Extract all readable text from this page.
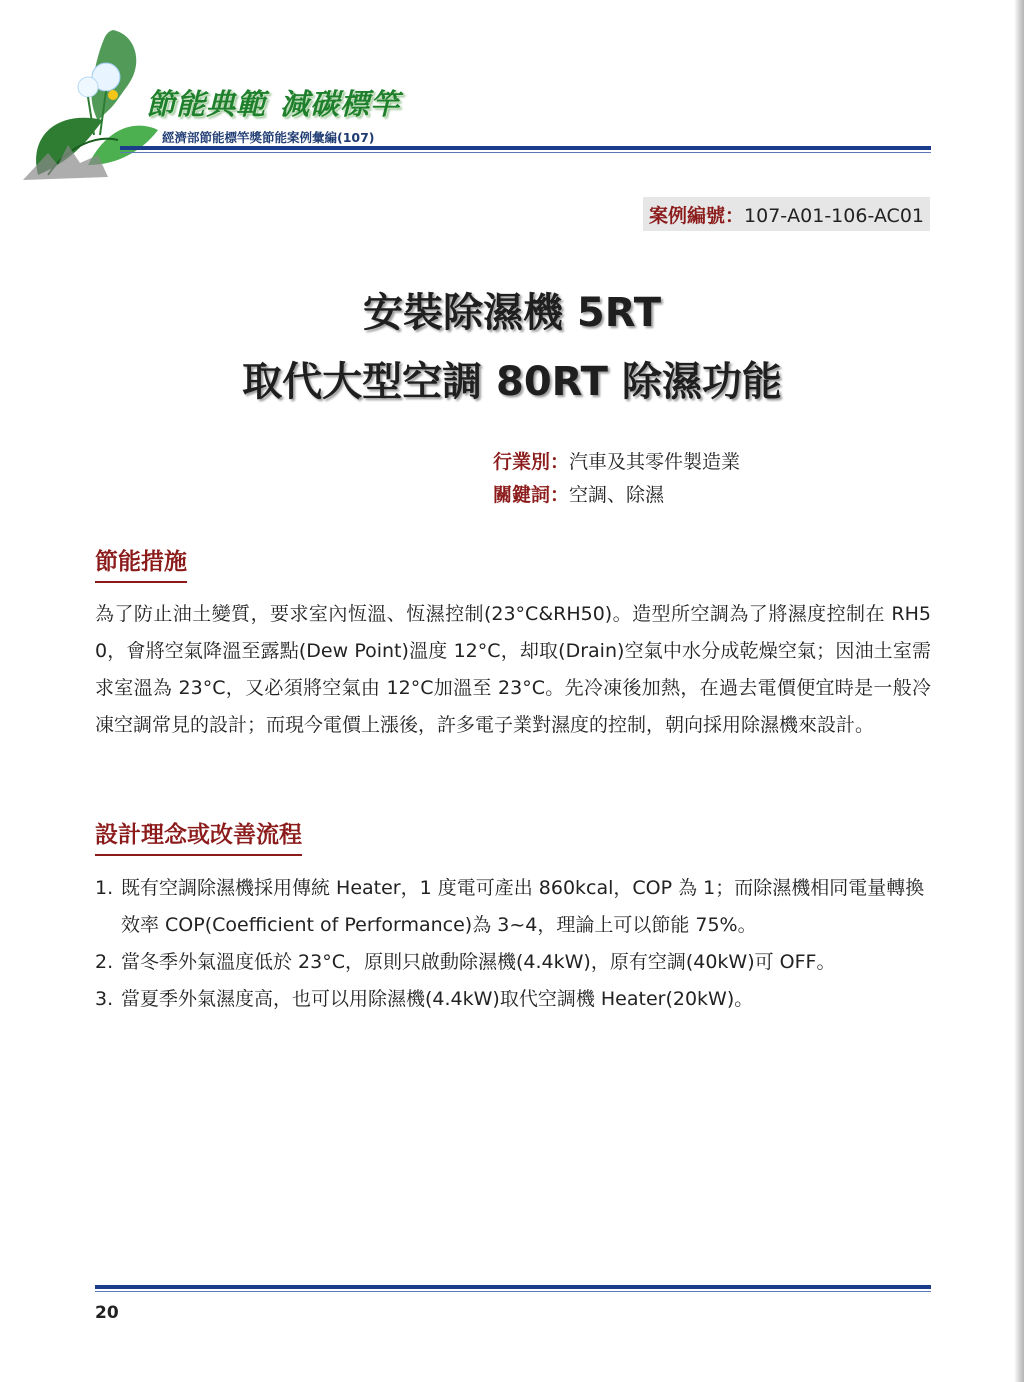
節能典範 減碳標竿
經濟部節能標竿獎節能案例彙編(107)
案例編號：107-A01-106-AC01
安裝除濕機 5RT
取代大型空調 80RT 除濕功能
行業別：汽車及其零件製造業
關鍵詞：空調、除濕
節能措施
為了防止油土變質，要求室內恆溫、恆濕控制(23°C&RH50)。造型所空調為了將濕度控制在 RH50，會將空氣降溫至露點(Dew Point)溫度 12°C，却取(Drain)空氣中水分成乾燥空氣；因油土室需求室溫為 23°C，又必須將空氣由 12°C加溫至 23°C。先冷凍後加熱，在過去電價便宜時是一般冷凍空調常見的設計；而現今電價上漲後，許多電子業對濕度的控制，朝向採用除濕機來設計。
設計理念或改善流程
1. 既有空調除濕機採用傳統 Heater，1 度電可產出 860kcal，COP 為 1；而除濕機相同電量轉換效率 COP(Coefficient of Performance)為 3~4，理論上可以節能 75%。
2. 當冬季外氣溫度低於 23°C，原則只啟動除濕機(4.4kW)，原有空調(40kW)可 OFF。
3. 當夏季外氣濕度高，也可以用除濕機(4.4kW)取代空調機 Heater(20kW)。
20
